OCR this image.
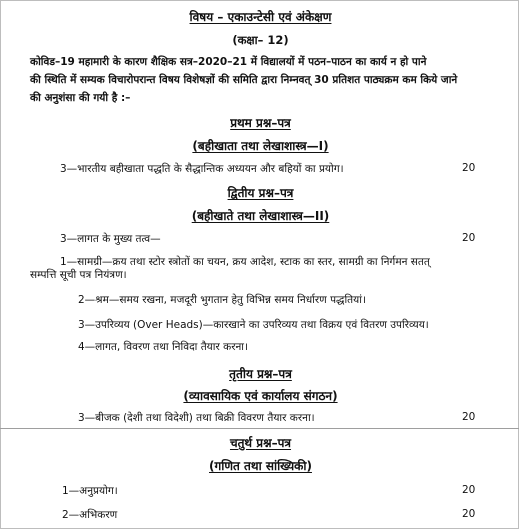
विषय – एकाउन्टेसी एवं अंकेक्षण
(कक्षा– 12)
कोविड–19 महामारी के कारण शैक्षिक सत्र–2020–21 में विद्यालयों में पठन–पाठन का कार्य न हो पाने
की स्थिति में सम्यक विचारोपरान्त विषय विशेषज्ञों की समिति द्वारा निम्नवत् 30 प्रतिशत पाठ्यक्रम कम किये जाने
की अनुशंसा की गयी है :–
प्रथम प्रश्न–पत्र
(बहीखाता तथा लेखाशास्त्र—I)
3—भारतीय बहीखाता पद्धति के सैद्धान्तिक अध्ययन और बहियों का प्रयोग।	20
द्वितीय प्रश्न–पत्र
(बहीखाते तथा लेखाशास्त्र—II)
3—लागत के मुख्य तत्व—	20
1—सामग्री—क्रय तथा स्टोर स्त्रोतों का चयन, क्रय आदेश, स्टाक का स्तर, सामग्री का निर्गमन सतत्
सम्पत्ति सूची पत्र नियंत्रण।
2—श्रम—समय रखना, मजदूरी भुगतान हेतु विभिन्न समय निर्धारण पद्धतियां।
3—उपरिव्यय (Over Heads)—कारखाने का उपरिव्यय तथा विक्रय एवं वितरण उपरिव्यय।
4—लागत, विवरण तथा निविदा तैयार करना।
तृतीय प्रश्न–पत्र
(व्यावसायिक एवं कार्यालय संगठन)
3—बीजक (देशी तथा विदेशी) तथा बिक्री विवरण तैयार करना।	20
चतुर्थ प्रश्न–पत्र
(गणित तथा सांख्यिकी)
1—अनुप्रयोग।	20
2—अभिकरण	20
